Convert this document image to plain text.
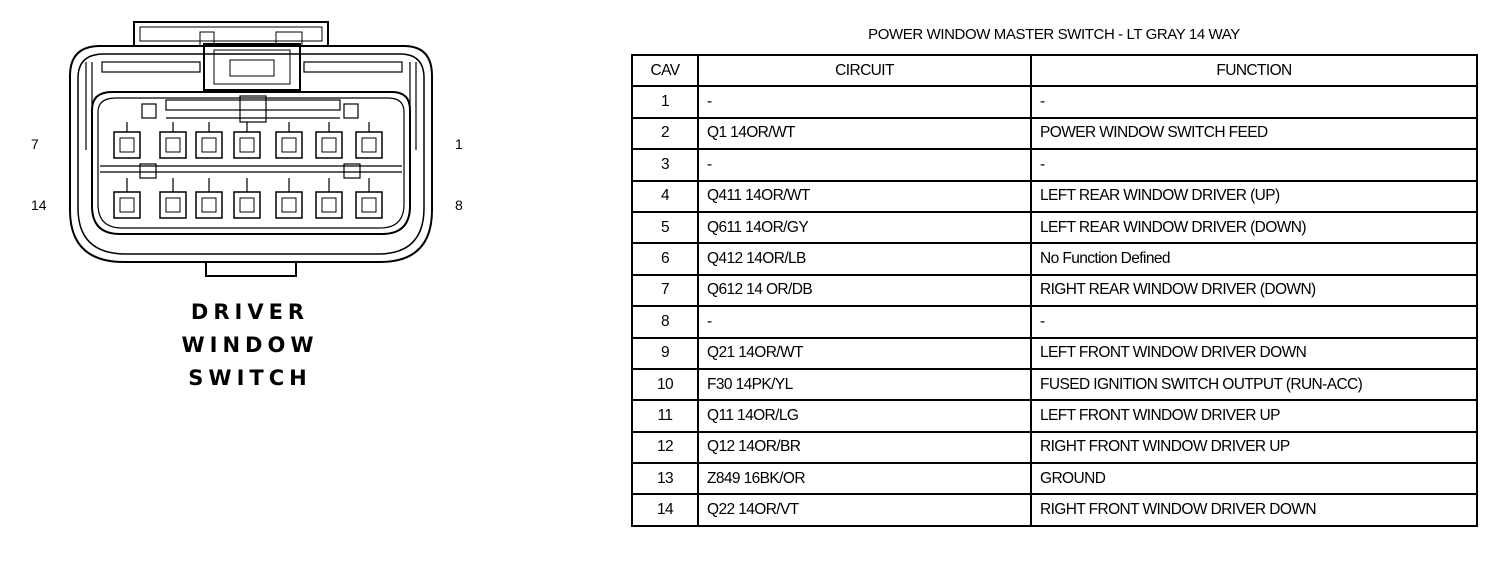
7	1
14	8
DRIVER
WINDOW
SWITCH
POWER WINDOW MASTER SWITCH - LT GRAY 14 WAY
CAV	CIRCUIT	FUNCTION
1	-	-
2	Q1 14OR/WT	POWER WINDOW SWITCH FEED
3	-	-
4	Q411 14OR/WT	LEFT REAR WINDOW DRIVER (UP)
5	Q611 14OR/GY	LEFT REAR WINDOW DRIVER (DOWN)
6	Q412 14OR/LB	No Function Defined
7	Q612 14 OR/DB	RIGHT REAR WINDOW DRIVER (DOWN)
8	-	-
9	Q21 14OR/WT	LEFT FRONT WINDOW DRIVER DOWN
10	F30 14PK/YL	FUSED IGNITION SWITCH OUTPUT (RUN-ACC)
11	Q11 14OR/LG	LEFT FRONT WINDOW DRIVER UP
12	Q12 14OR/BR	RIGHT FRONT WINDOW DRIVER UP
13	Z849 16BK/OR	GROUND
14	Q22 14OR/VT	RIGHT FRONT WINDOW DRIVER DOWN
